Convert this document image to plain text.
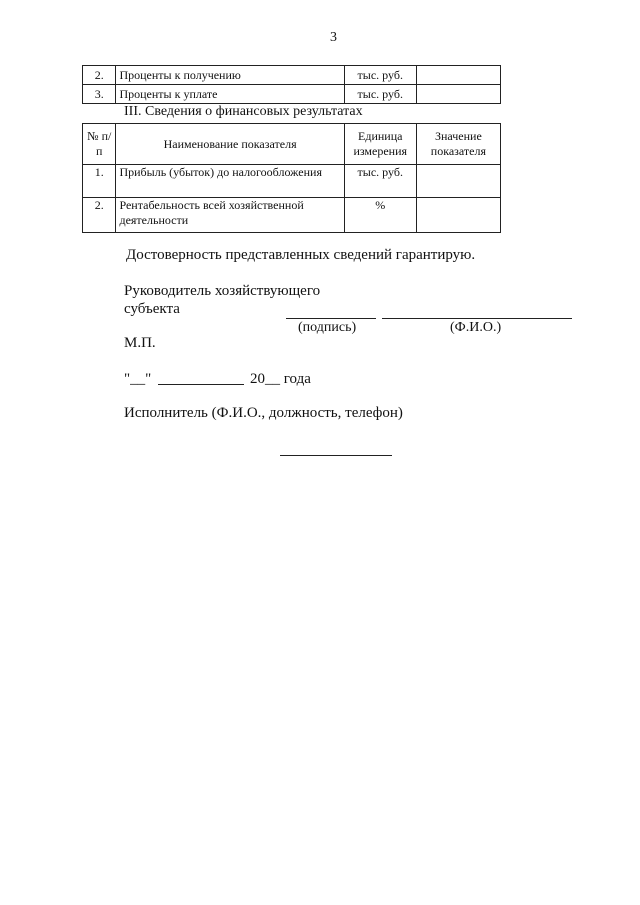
3
2.	Проценты к получению	тыс. руб.	
3.	Проценты к уплате	тыс. руб.	
III. Сведения о финансовых результатах
№ п/п	Наименование показателя	Единица измерения	Значение показателя
1.	Прибыль (убыток) до налогообложения	тыс. руб.	
2.	Рентабельность всей хозяйственной деятельности	%	
Достоверность представленных сведений гарантирую.
Руководитель хозяйствующего
субъекта
(подпись)	(Ф.И.О.)
М.П.
"__"	20__ года
Исполнитель (Ф.И.О., должность, телефон)
